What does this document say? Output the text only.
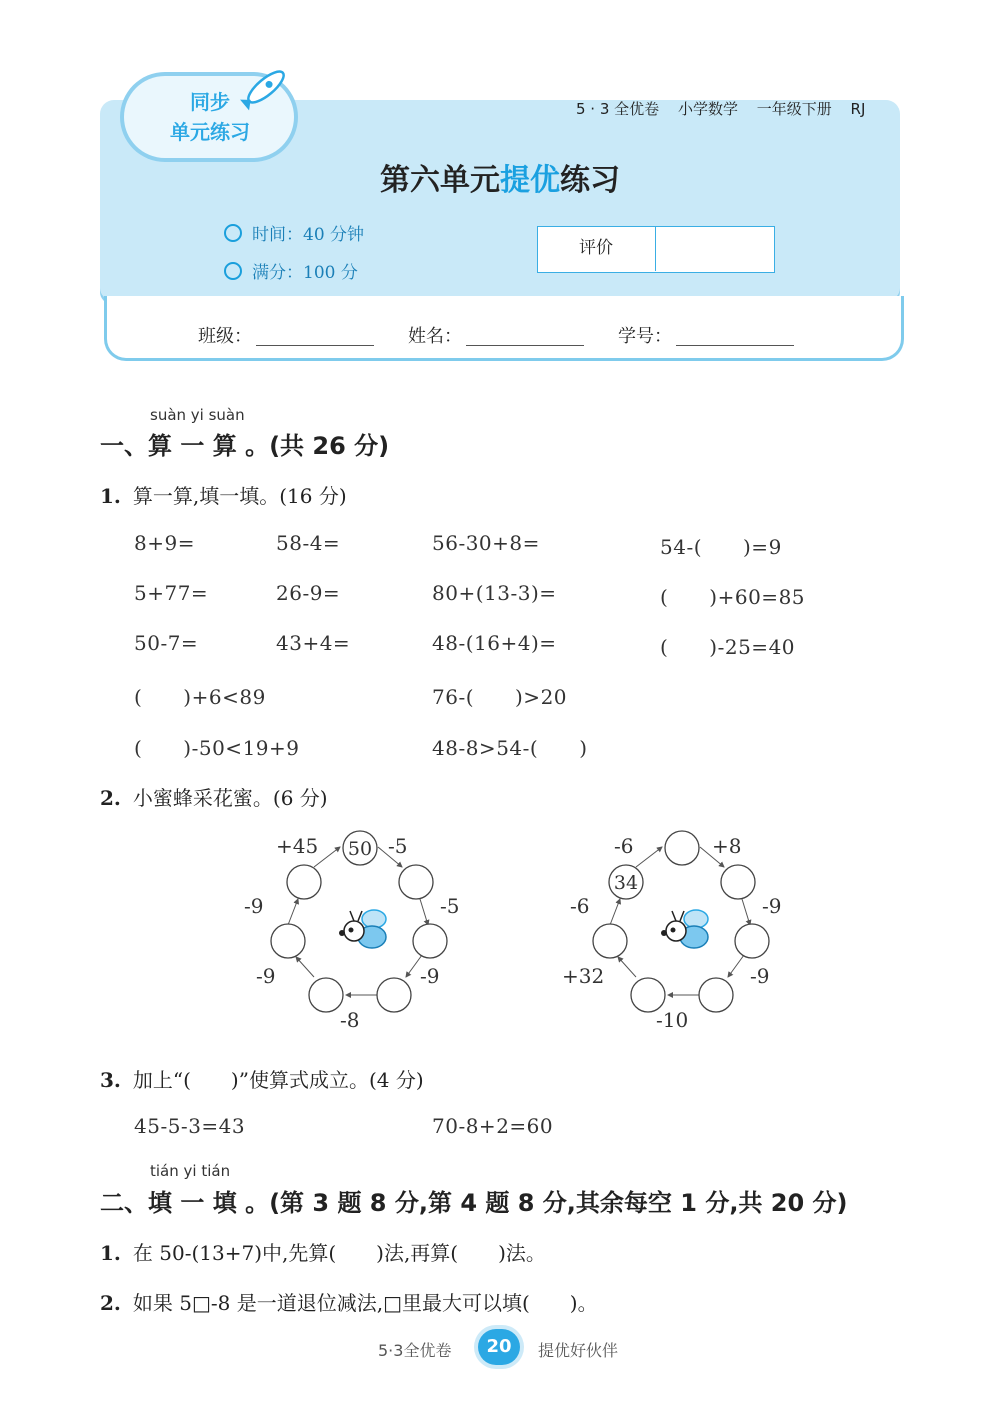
同步
单元练习
5 · 3 全优卷 小学数学 一年级下册 RJ
第六单元提优练习
时间：40 分钟
满分：100 分
评价
班级：	姓名：	学号：
suàn yi suàn
一、算 一 算 。(共 26 分)
1. 算一算,填一填。(16 分)
8+9=	58-4=	56-30+8=	54-(　　)=9
5+77=	26-9=	80+(13-3)=	(　　)+60=85
50-7=	43+4=	48-(16+4)=	(　　)-25=40
(　　)+6<89	76-(　　)>20
(　　)-50<19+9	48-8>54-(　　)
2. 小蜜蜂采花蜜。(6 分)
50 -5
-5
-9
-8
-9
-9
+45
34
-6	+8
-9
-9
-10
+32
-6
3. 加上“(　　)”使算式成立。(4 分)
45-5-3=43	70-8+2=60
tián yi tián
二、填 一 填 。(第 3 题 8 分,第 4 题 8 分,其余每空 1 分,共 20 分)
1. 在 50-(13+7)中,先算(　　)法,再算(　　)法。
2. 如果 5□-8 是一道退位减法,□里最大可以填(　　)。
5·3全优卷	20	提优好伙伴
